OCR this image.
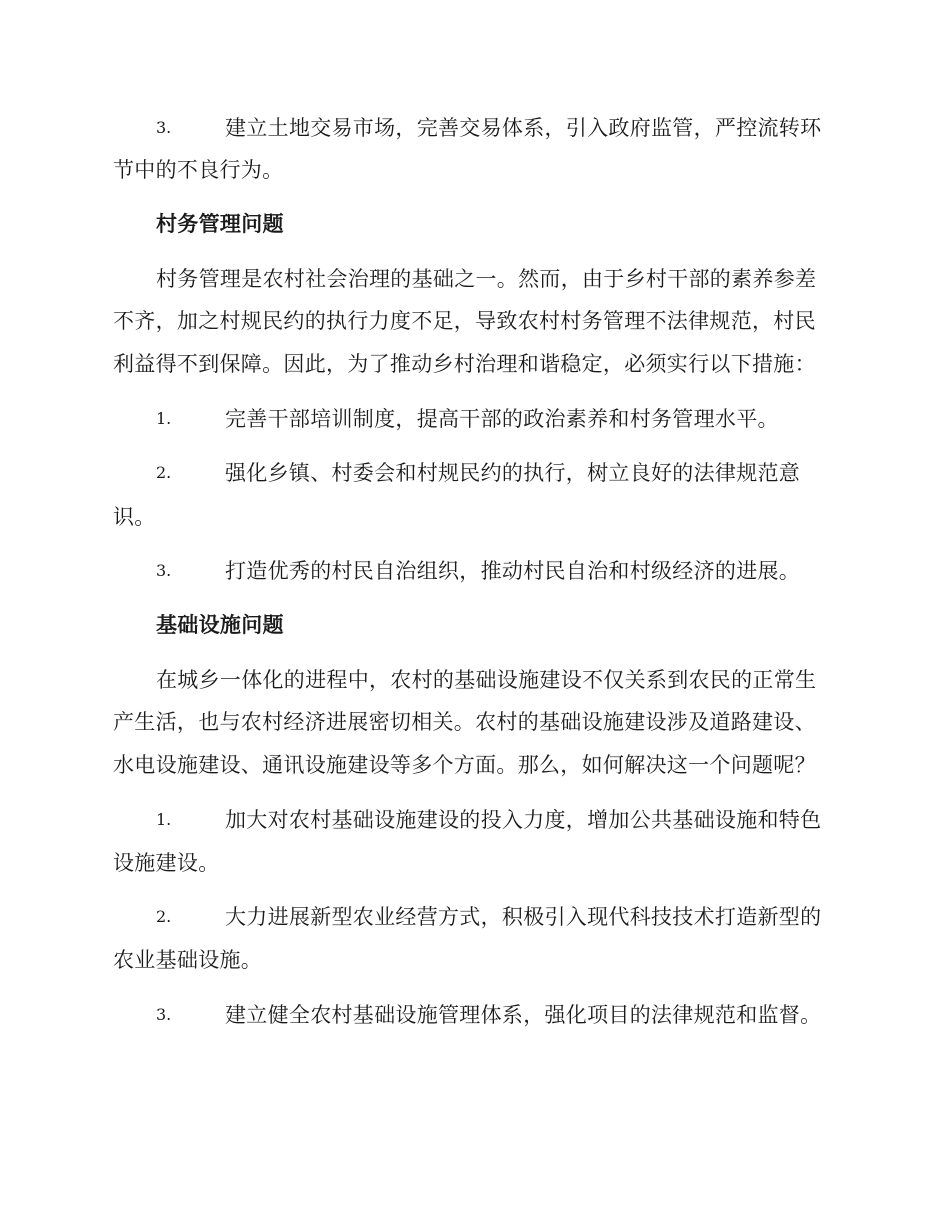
3.	建立土地交易市场，完善交易体系，引入政府监管，严控流转环
节中的不良行为。
村务管理问题
村务管理是农村社会治理的基础之一。然而，由于乡村干部的素养参差
不齐，加之村规民约的执行力度不足，导致农村村务管理不法律规范，村民
利益得不到保障。因此，为了推动乡村治理和谐稳定，必须实行以下措施：
1.	完善干部培训制度，提高干部的政治素养和村务管理水平。
2.	强化乡镇、村委会和村规民约的执行，树立良好的法律规范意
识。
3.	打造优秀的村民自治组织，推动村民自治和村级经济的进展。
基础设施问题
在城乡一体化的进程中，农村的基础设施建设不仅关系到农民的正常生
产生活，也与农村经济进展密切相关。农村的基础设施建设涉及道路建设、
水电设施建设、通讯设施建设等多个方面。那么，如何解决这一个问题呢？
1.	加大对农村基础设施建设的投入力度，增加公共基础设施和特色
设施建设。
2.	大力进展新型农业经营方式，积极引入现代科技技术打造新型的
农业基础设施。
3.	建立健全农村基础设施管理体系，强化项目的法律规范和监督。
